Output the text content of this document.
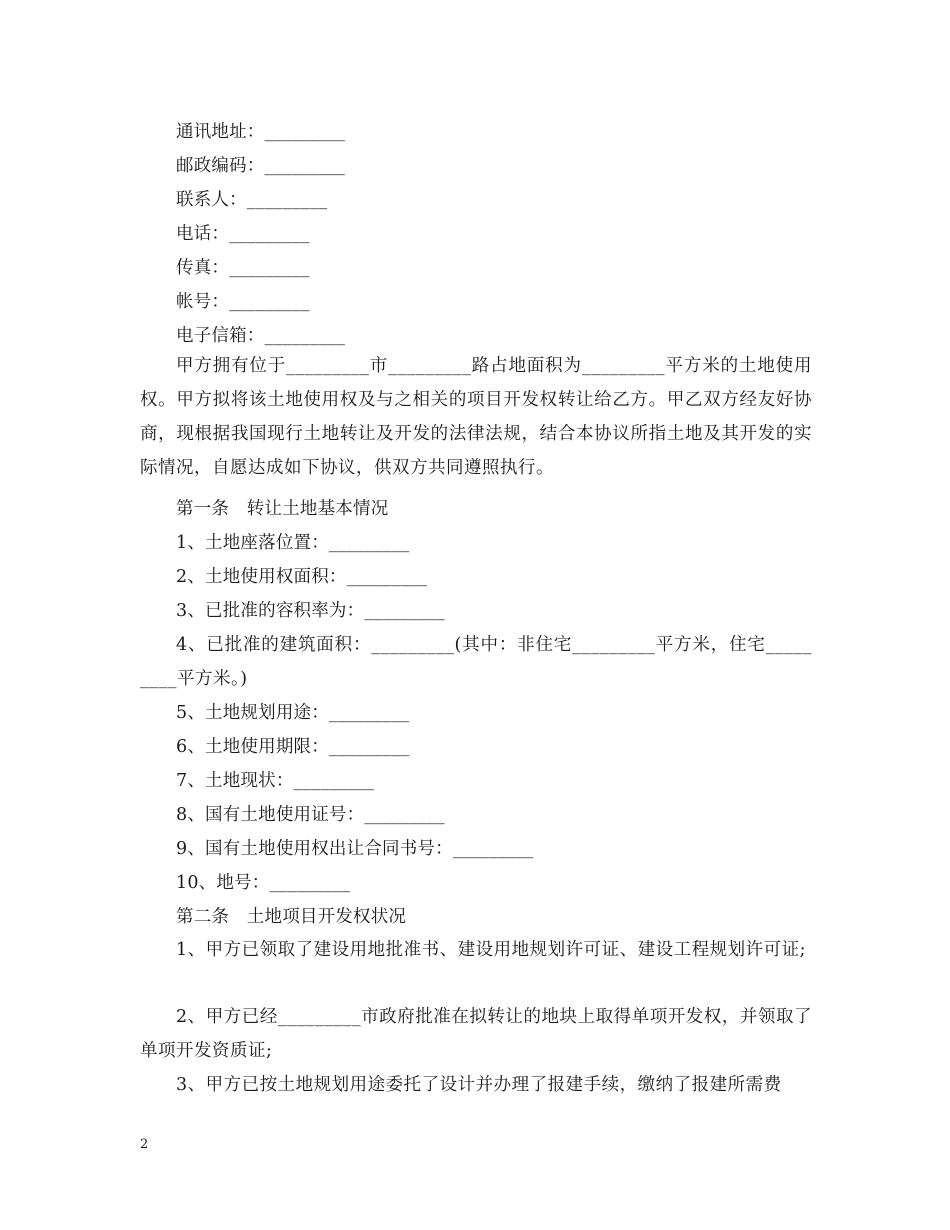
通讯地址：_________
邮政编码：_________
联系人：_________
电话：_________
传真：_________
帐号：_________
电子信箱：_________
甲方拥有位于_________市_________路占地面积为_________平方米的土地使用权。甲方拟将该土地使用权及与之相关的项目开发权转让给乙方。甲乙双方经友好协商，现根据我国现行土地转让及开发的法律法规，结合本协议所指土地及其开发的实际情况，自愿达成如下协议，供双方共同遵照执行。
第一条　转让土地基本情况
1、土地座落位置：_________
2、土地使用权面积：_________
3、已批准的容积率为：_________
4、已批准的建筑面积：_________(其中：非住宅_________平方米，住宅_________平方米。)
5、土地规划用途：_________
6、土地使用期限：_________
7、土地现状：_________
8、国有土地使用证号：_________
9、国有土地使用权出让合同书号：_________
10、地号：_________
第二条　土地项目开发权状况
1、甲方已领取了建设用地批准书、建设用地规划许可证、建设工程规划许可证;
2、甲方已经_________市政府批准在拟转让的地块上取得单项开发权，并领取了单项开发资质证;
3、甲方已按土地规划用途委托了设计并办理了报建手续，缴纳了报建所需费
2
